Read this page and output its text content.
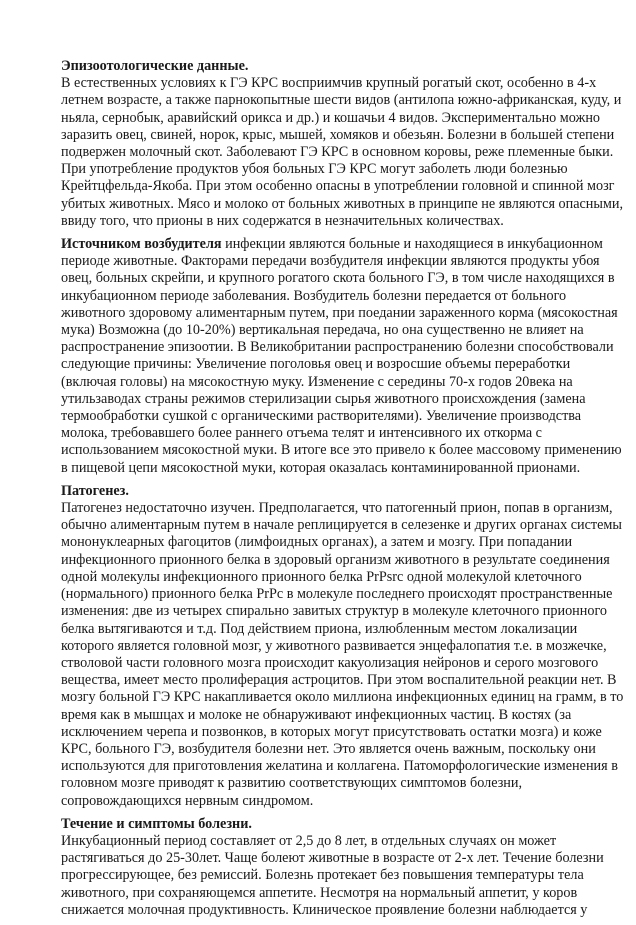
Эпизоотологические данные.
В естественных условиях к ГЭ КРС восприимчив крупный рогатый скот, особенно в 4-х
летнем возрасте, а также парнокопытные шести видов (антилопа южно-африканская, куду, и
ньяла, сернобык, аравийский орикса и др.) и кошачьи 4 видов. Экспериментально можно
заразить овец, свиней, норок, крыс, мышей, хомяков и обезьян. Болезни в большей степени
подвержен молочный скот. Заболевают ГЭ КРС в основном коровы, реже племенные быки.
При употребление продуктов убоя больных ГЭ КРС могут заболеть люди болезнью
Крейтцфельда-Якоба. При этом особенно опасны в употреблении головной и спинной мозг
убитых животных. Мясо и молоко от больных животных в принципе не являются опасными,
ввиду того, что прионы в них содержатся в незначительных количествах.
Источником возбудителя инфекции являются больные и находящиеся в инкубационном
периоде животные. Факторами передачи возбудителя инфекции являются продукты убоя
овец, больных скрейпи, и крупного рогатого скота больного ГЭ, в том числе находящихся в
инкубационном периоде заболевания. Возбудитель болезни передается от больного
животного здоровому алиментарным путем, при поедании зараженного корма (мясокостная
мука) Возможна (до 10-20%) вертикальная передача, но она существенно не влияет на
распространение эпизоотии. В Великобритании распространению болезни способствовали
следующие причины: Увеличение поголовья овец и возросшие объемы переработки
(включая головы) на мясокостную муку. Изменение с середины 70-х годов 20века на
утильзаводах страны режимов стерилизации сырья животного происхождения (замена
термообработки сушкой с органическими растворителями). Увеличение производства
молока, требовавшего более раннего отъема телят и интенсивного их откорма с
использованием мясокостной муки. В итоге все это привело к более массовому применению
в пищевой цепи мясокостной муки, которая оказалась контаминированной прионами.
Патогенез.
Патогенез недостаточно изучен. Предполагается, что патогенный прион, попав в организм,
обычно алиментарным путем в начале реплицируется в селезенке и других органах системы
мононуклеарных фагоцитов (лимфоидных органах), а затем и мозгу. При попадании
инфекционного прионного белка в здоровый организм животного в результате соединения
одной молекулы инфекционного прионного белка PrPsrc одной молекулой клеточного
(нормального) прионного белка PrPc в молекуле последнего происходят пространственные
изменения: две из четырех спирально завитых структур в молекуле клеточного прионного
белка вытягиваются и т.д. Под действием приона, излюбленным местом локализации
которого является головной мозг, у животного развивается энцефалопатия т.е. в мозжечке,
стволовой части головного мозга происходит какуолизация нейронов и серого мозгового
вещества, имеет место пролиферация астроцитов. При этом воспалительной реакции нет. В
мозгу больной ГЭ КРС накапливается около миллиона инфекционных единиц на грамм, в то
время как в мышцах и молоке не обнаруживают инфекционных частиц. В костях (за
исключением черепа и позвонков, в которых могут присутствовать остатки мозга) и коже
КРС, больного ГЭ, возбудителя болезни нет. Это является очень важным, поскольку они
используются для приготовления желатина и коллагена. Патоморфологические изменения в
головном мозге приводят к развитию соответствующих симптомов болезни,
сопровождающихся нервным синдромом.
Течение и симптомы болезни.
Инкубационный период составляет от 2,5 до 8 лет, в отдельных случаях он может
растягиваться до 25-30лет. Чаще болеют животные в возрасте от 2-х лет. Течение болезни
прогрессирующее, без ремиссий. Болезнь протекает без повышения температуры тела
животного, при сохраняющемся аппетите. Несмотря на нормальный аппетит, у коров
снижается молочная продуктивность. Клиническое проявление болезни наблюдается у
